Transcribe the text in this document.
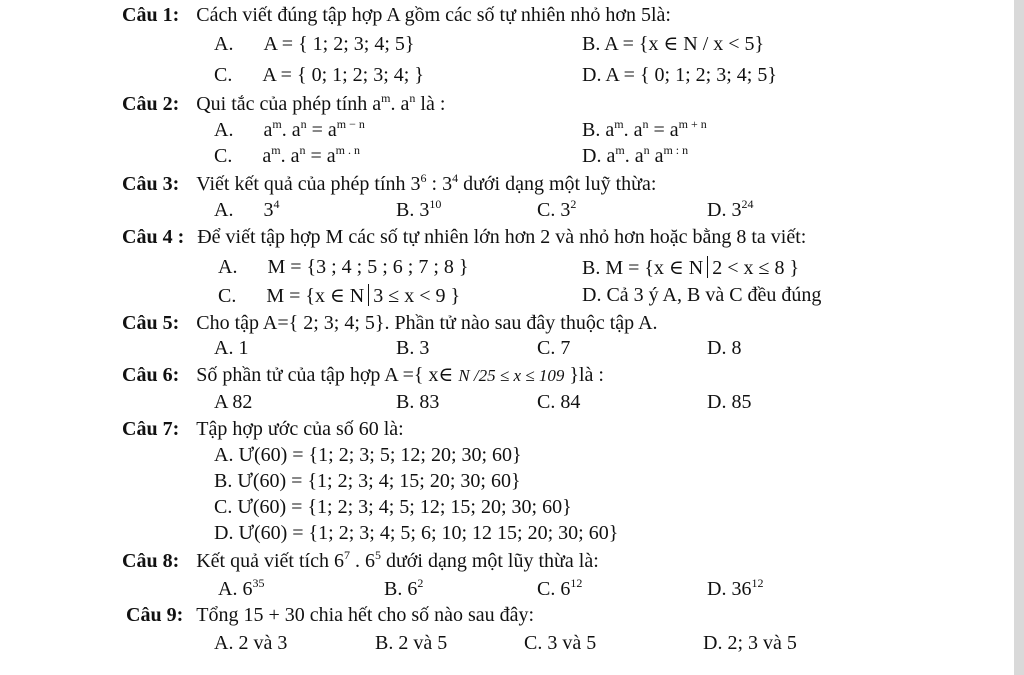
Câu 1: Cách viết đúng tập hợp A gồm các số tự nhiên nhỏ hơn 5là:
A. A = { 1; 2; 3; 4; 5}	B. A = {x ∈ N / x < 5}
C. A = { 0; 1; 2; 3; 4; }	D. A = { 0; 1; 2; 3; 4; 5}
Câu 2: Qui tắc của phép tính $a^m$. $a^n$ là :
A. $a^m$. $a^n = a^{m - n}$	B. $a^m$. $a^n = a^{m + n}$
C. $a^m$. $a^n = a^{m . n}$	D. $a^m$. $a^n$ $a^{m : n}$
Câu 3: Viết kết quả của phép tính $3^6$ : $3^4$ dưới dạng một luỹ thừa:
A. $3^4$	B. $3^{10}$	C. $3^2$	D. $3^{24}$
Câu 4 : Để viết tập hợp M các số tự nhiên lớn hơn 2 và nhỏ hơn hoặc bằng 8 ta viết:
A. M = {3 ; 4 ; 5 ; 6 ; 7 ; 8 }	B. M = {x ∈ N 2 < x ≤ 8 }
C. M = {x ∈ N 3 ≤ x < 9 }	D. Cả 3 ý A, B và C đều đúng
Câu 5: Cho tập A={ 2; 3; 4; 5}. Phần tử nào sau đây thuộc tập A.
A. 1	B. 3	C. 7	D. 8
Câu 6: Số phần tử của tập hợp A ={ x∈ N /25 ≤ x ≤ 109 }là :
A 82	B. 83	C. 84	D. 85
Câu 7: Tập hợp ước của số 60 là:
A. Ư(60) = {1; 2; 3; 5; 12; 20; 30; 60}
B. Ư(60) = {1; 2; 3; 4; 15; 20; 30; 60}
C. Ư(60) = {1; 2; 3; 4; 5; 12; 15; 20; 30; 60}
D. Ư(60) = {1; 2; 3; 4; 5; 6; 10; 12 15; 20; 30; 60}
Câu 8: Kết quả viết tích $6^7$ . $6^5$ dưới dạng một lũy thừa là:
A. $6^{35}$	B. $6^2$	C. $6^{12}$	D. $36^{12}$
Câu 9: Tổng 15 + 30 chia hết cho số nào sau đây:
A. 2 và 3	B. 2 và 5	C. 3 và 5	D. 2; 3 và 5
